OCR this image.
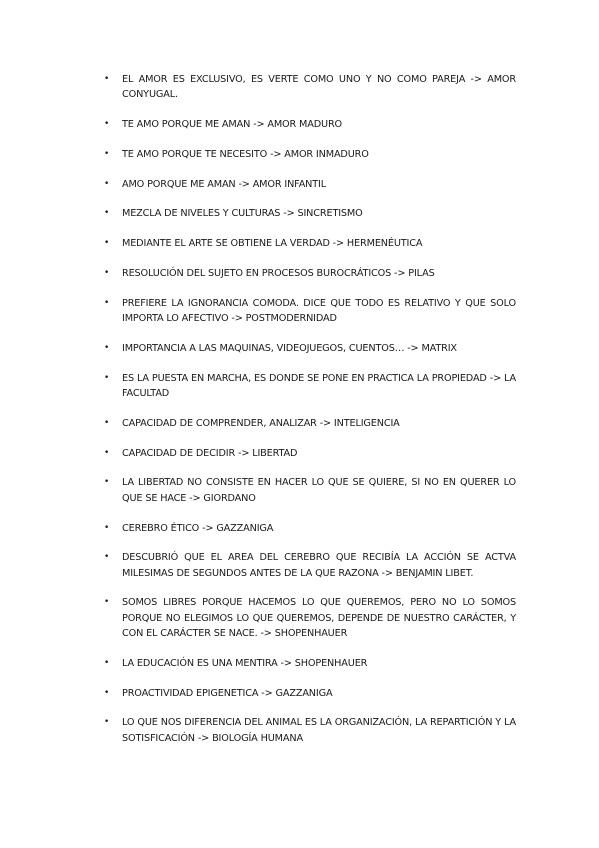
• EL AMOR ES EXCLUSIVO, ES VERTE COMO UNO Y NO COMO PAREJA -> AMOR CONYUGAL.
• TE AMO PORQUE ME AMAN -> AMOR MADURO
• TE AMO PORQUE TE NECESITO -> AMOR INMADURO
• AMO PORQUE ME AMAN -> AMOR INFANTIL
• MEZCLA DE NIVELES Y CULTURAS -> SINCRETISMO
• MEDIANTE EL ARTE SE OBTIENE LA VERDAD -> HERMENÉUTICA
• RESOLUCIÓN DEL SUJETO EN PROCESOS BUROCRÁTICOS -> PILAS
• PREFIERE LA IGNORANCIA COMODA. DICE QUE TODO ES RELATIVO Y QUE SOLO IMPORTA LO AFECTIVO -> POSTMODERNIDAD
• IMPORTANCIA A LAS MAQUINAS, VIDEOJUEGOS, CUENTOS… -> MATRIX
• ES LA PUESTA EN MARCHA, ES DONDE SE PONE EN PRACTICA LA PROPIEDAD -> LA FACULTAD
• CAPACIDAD DE COMPRENDER, ANALIZAR -> INTELIGENCIA
• CAPACIDAD DE DECIDIR -> LIBERTAD
• LA LIBERTAD NO CONSISTE EN HACER LO QUE SE QUIERE, SI NO EN QUERER LO QUE SE HACE -> GIORDANO
• CEREBRO ÉTICO -> GAZZANIGA
• DESCUBRIÓ QUE EL AREA DEL CEREBRO QUE RECIBÍA LA ACCIÓN SE ACTVA MILESIMAS DE SEGUNDOS ANTES DE LA QUE RAZONA -> BENJAMIN LIBET.
• SOMOS LIBRES PORQUE HACEMOS LO QUE QUEREMOS, PERO NO LO SOMOS PORQUE NO ELEGIMOS LO QUE QUEREMOS, DEPENDE DE NUESTRO CARÁCTER, Y CON EL CARÁCTER SE NACE. -> SHOPENHAUER
• LA EDUCACIÓN ES UNA MENTIRA -> SHOPENHAUER
• PROACTIVIDAD EPIGENETICA -> GAZZANIGA
• LO QUE NOS DIFERENCIA DEL ANIMAL ES LA ORGANIZACIÓN, LA REPARTICIÓN Y LA SOTISFICACIÓN -> BIOLOGÍA HUMANA
